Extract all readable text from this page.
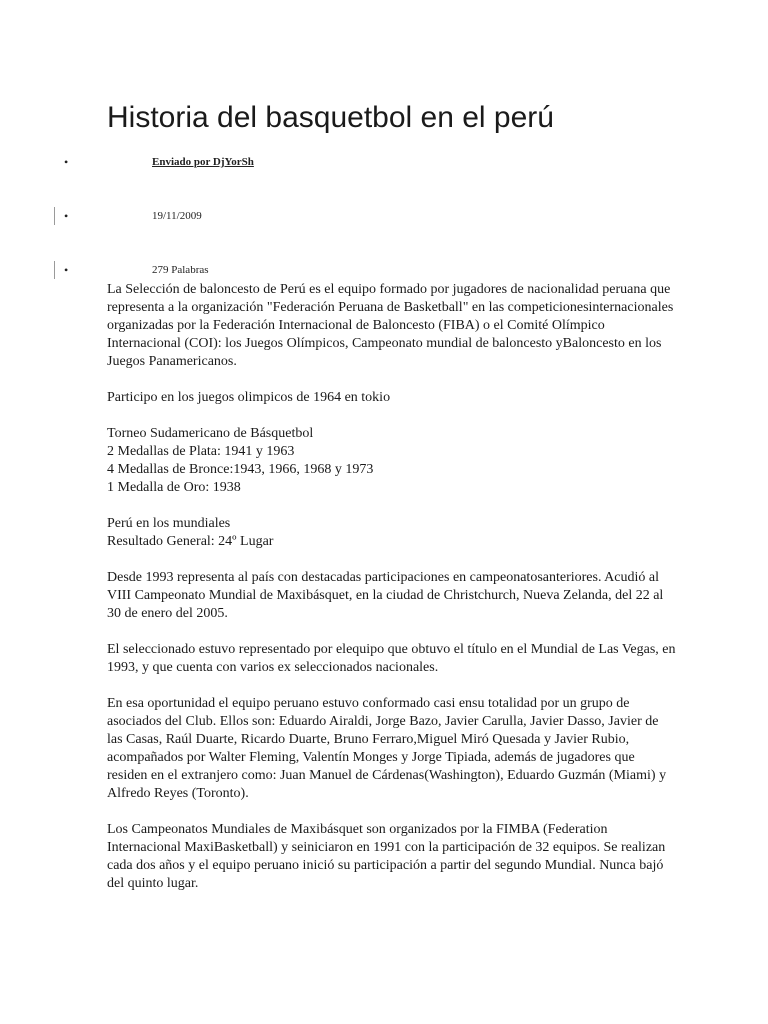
Historia del basquetbol en el perú
•	Enviado por DjYorSh
•	19/11/2009
•	279 Palabras

La Selección de baloncesto de Perú es el equipo formado por jugadores de nacionalidad peruana que representa a la organización "Federación Peruana de Basketball" en las competicionesinternacionales organizadas por la Federación Internacional de Baloncesto (FIBA) o el Comité Olímpico Internacional (COI): los Juegos Olímpicos, Campeonato mundial de baloncesto yBaloncesto en los Juegos Panamericanos.

Participo en los juegos olimpicos de 1964 en tokio

Torneo Sudamericano de Básquetbol
2 Medallas de Plata: 1941 y 1963
4 Medallas de Bronce:1943, 1966, 1968 y 1973
1 Medalla de Oro: 1938

Perú en los mundiales
Resultado General: 24º Lugar

Desde 1993 representa al país con destacadas participaciones en campeonatosanteriores. Acudió al VIII Campeonato Mundial de Maxibásquet, en la ciudad de Christchurch, Nueva Zelanda, del 22 al 30 de enero del 2005.

El seleccionado estuvo representado por elequipo que obtuvo el título en el Mundial de Las Vegas, en 1993, y que cuenta con varios ex seleccionados nacionales.

En esa oportunidad el equipo peruano estuvo conformado casi ensu totalidad por un grupo de asociados del Club. Ellos son: Eduardo Airaldi, Jorge Bazo, Javier Carulla, Javier Dasso, Javier de las Casas, Raúl Duarte, Ricardo Duarte, Bruno Ferraro,Miguel Miró Quesada y Javier Rubio, acompañados por Walter Fleming, Valentín Monges y Jorge Tipiada, además de jugadores que residen en el extranjero como: Juan Manuel de Cárdenas(Washington), Eduardo Guzmán (Miami) y Alfredo Reyes (Toronto).

Los Campeonatos Mundiales de Maxibásquet son organizados por la FIMBA (Federation Internacional MaxiBasketball) y seiniciaron en 1991 con la participación de 32 equipos. Se realizan cada dos años y el equipo peruano inició su participación a partir del segundo Mundial. Nunca bajó del quinto lugar.
